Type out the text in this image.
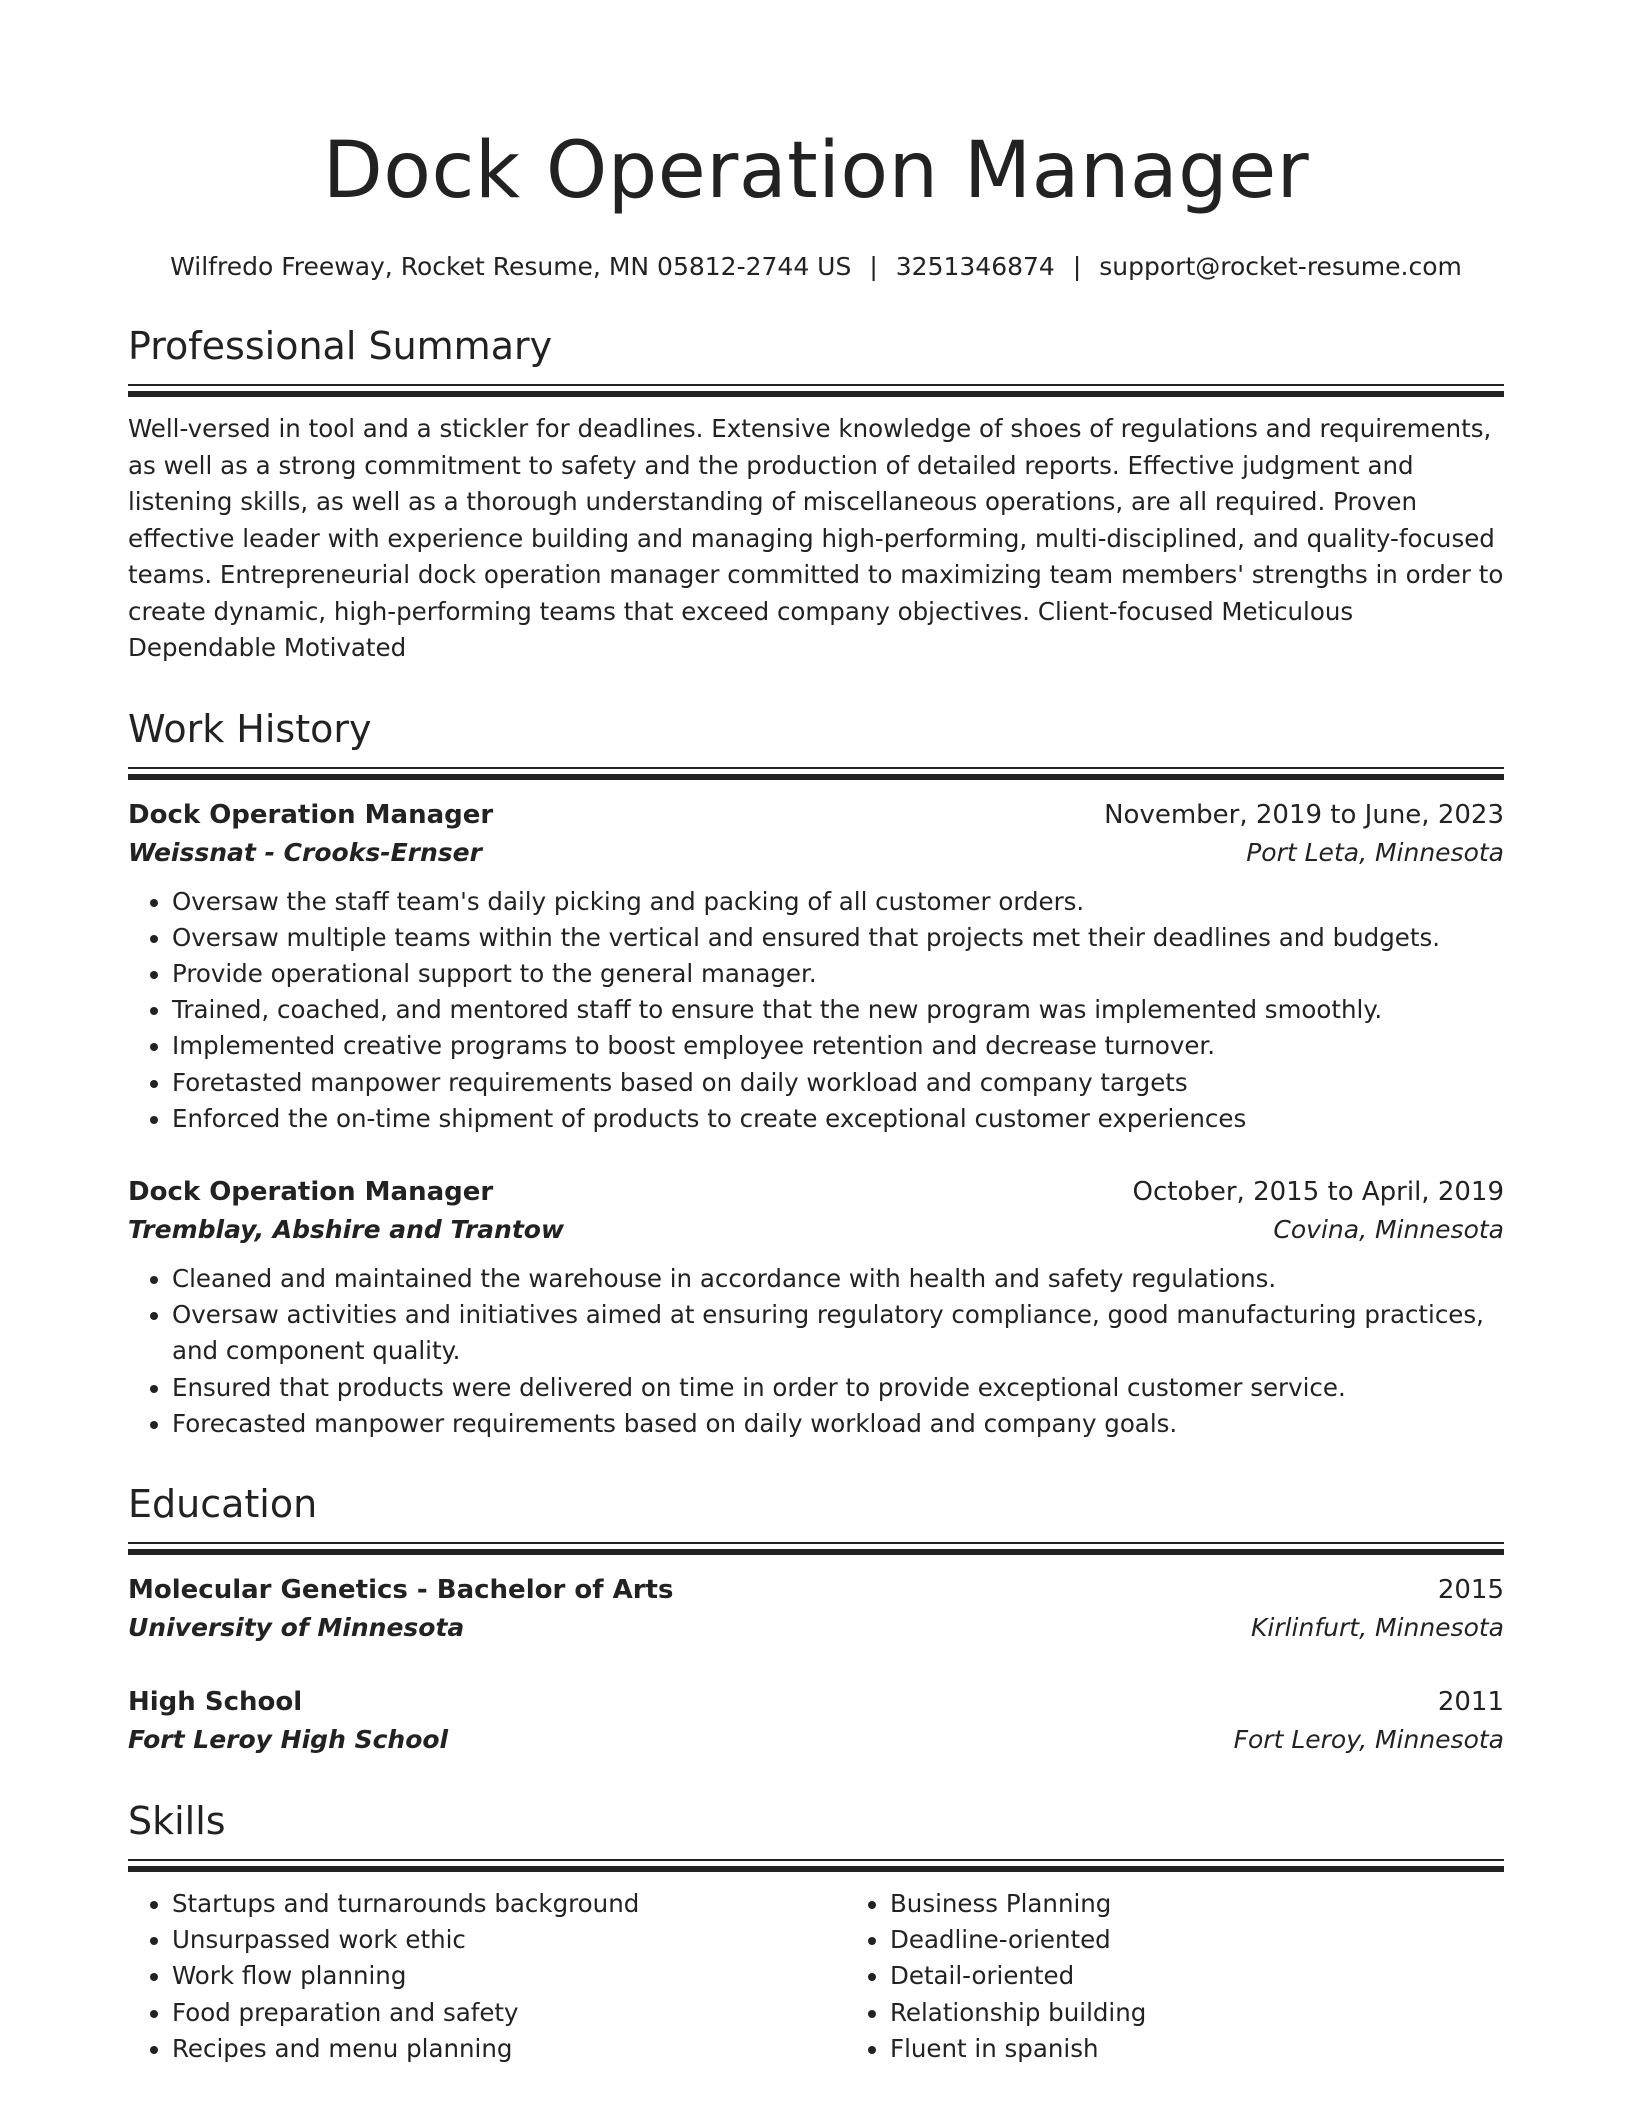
Dock Operation Manager
Wilfredo Freeway, Rocket Resume, MN 05812-2744 US | 3251346874 | support@rocket-resume.com
Professional Summary
Well-versed in tool and a stickler for deadlines. Extensive knowledge of shoes of regulations and requirements, as well as a strong commitment to safety and the production of detailed reports. Effective judgment and listening skills, as well as a thorough understanding of miscellaneous operations, are all required. Proven effective leader with experience building and managing high-performing, multi-disciplined, and quality-focused teams. Entrepreneurial dock operation manager committed to maximizing team members' strengths in order to create dynamic, high-performing teams that exceed company objectives. Client-focused Meticulous Dependable Motivated
Work History
Dock Operation Manager	November, 2019 to June, 2023
Weissnat - Crooks-Ernser	Port Leta, Minnesota
• Oversaw the staff team's daily picking and packing of all customer orders.
• Oversaw multiple teams within the vertical and ensured that projects met their deadlines and budgets.
• Provide operational support to the general manager.
• Trained, coached, and mentored staff to ensure that the new program was implemented smoothly.
• Implemented creative programs to boost employee retention and decrease turnover.
• Foretasted manpower requirements based on daily workload and company targets
• Enforced the on-time shipment of products to create exceptional customer experiences
Dock Operation Manager	October, 2015 to April, 2019
Tremblay, Abshire and Trantow	Covina, Minnesota
• Cleaned and maintained the warehouse in accordance with health and safety regulations.
• Oversaw activities and initiatives aimed at ensuring regulatory compliance, good manufacturing practices, and component quality.
• Ensured that products were delivered on time in order to provide exceptional customer service.
• Forecasted manpower requirements based on daily workload and company goals.
Education
Molecular Genetics - Bachelor of Arts	2015
University of Minnesota	Kirlinfurt, Minnesota
High School	2011
Fort Leroy High School	Fort Leroy, Minnesota
Skills
• Startups and turnarounds background
• Unsurpassed work ethic
• Work flow planning
• Food preparation and safety
• Recipes and menu planning
• Business Planning
• Deadline-oriented
• Detail-oriented
• Relationship building
• Fluent in spanish
